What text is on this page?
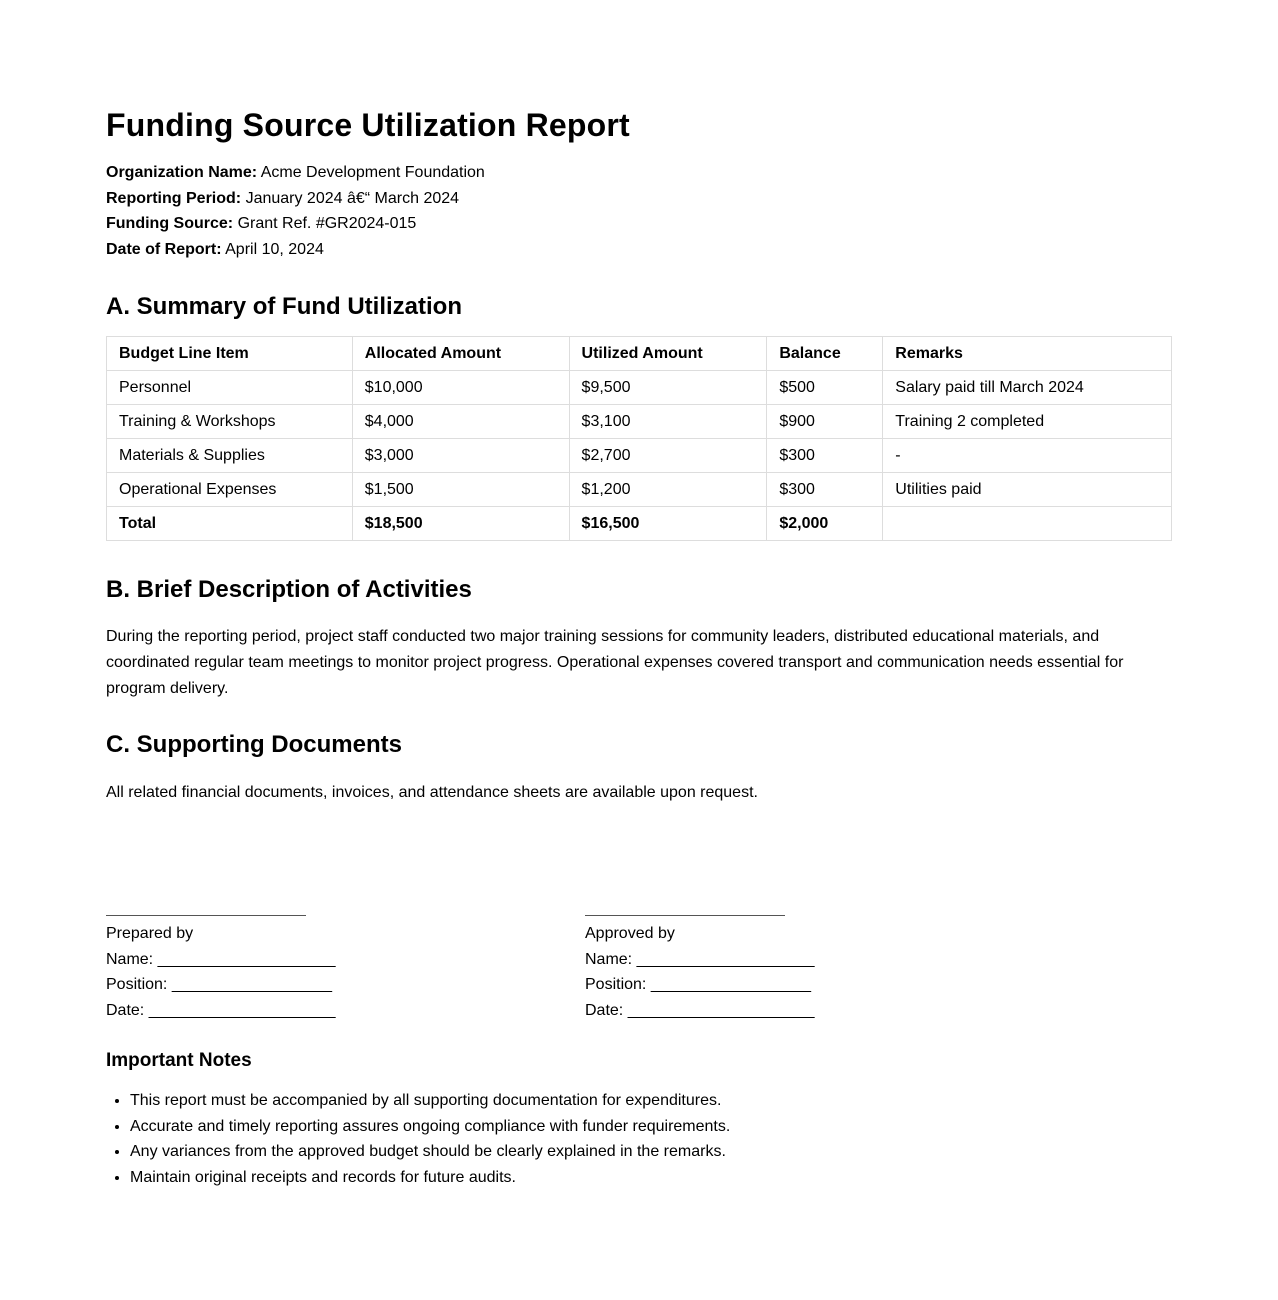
Funding Source Utilization Report
Organization Name: Acme Development Foundation
Reporting Period: January 2024 â€“ March 2024
Funding Source: Grant Ref. #GR2024-015
Date of Report: April 10, 2024
A. Summary of Fund Utilization
Budget Line Item	Allocated Amount	Utilized Amount	Balance	Remarks
Personnel	$10,000	$9,500	$500	Salary paid till March 2024
Training & Workshops	$4,000	$3,100	$900	Training 2 completed
Materials & Supplies	$3,000	$2,700	$300	-
Operational Expenses	$1,500	$1,200	$300	Utilities paid
Total	$18,500	$16,500	$2,000	
B. Brief Description of Activities

During the reporting period, project staff conducted two major training sessions for community leaders, distributed educational materials, and coordinated regular team meetings to monitor project progress. Operational expenses covered transport and communication needs essential for program delivery.

C. Supporting Documents

All related financial documents, invoices, and attendance sheets are available upon request.

Prepared by
Name: ____________________
Position: __________________
Date: _____________________
Approved by
Name: ____________________
Position: __________________
Date: _____________________
Important Notes
• This report must be accompanied by all supporting documentation for expenditures.
• Accurate and timely reporting assures ongoing compliance with funder requirements.
• Any variances from the approved budget should be clearly explained in the remarks.
• Maintain original receipts and records for future audits.
